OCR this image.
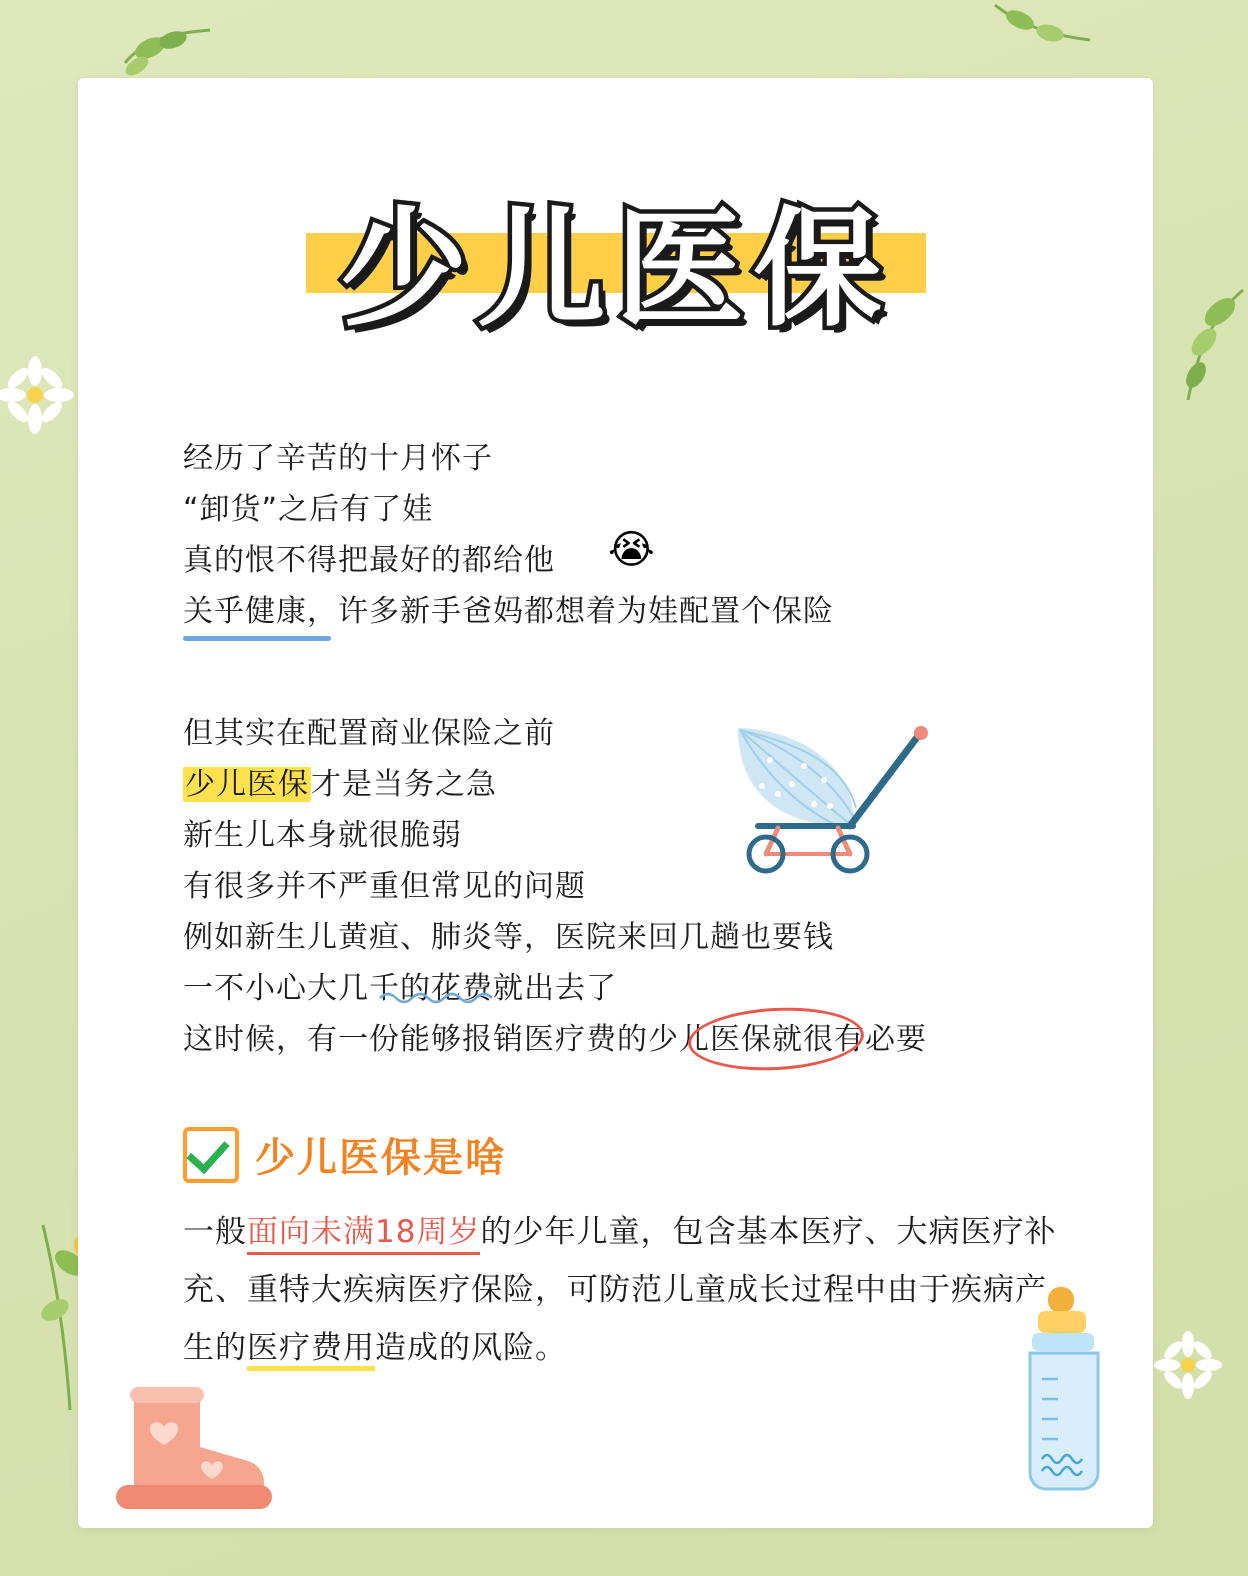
少儿医保
经历了辛苦的十月怀子
“卸货”之后有了娃
真的恨不得把最好的都给他
关乎健康，许多新手爸妈都想着为娃配置个保险
😭
但其实在配置商业保险之前
少儿医保才是当务之急
新生儿本身就很脆弱
有很多并不严重但常见的问题
例如新生儿黄疸、肺炎等，医院来回几趟也要钱
一不小心大几千的花费就出去了
这时候，有一份能够报销医疗费的少儿医保就很有必要
少儿医保是啥
一般面向未满18周岁的少年儿童，包含基本医疗、大病医疗补充、重特大疾病医疗保险，可防范儿童成长过程中由于疾病产生的医疗费用造成的风险。
